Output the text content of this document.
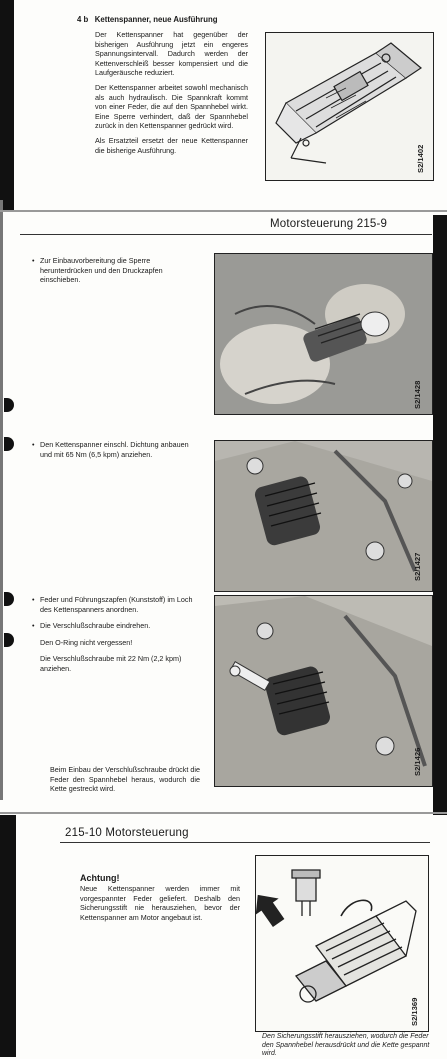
4 b Kettenspanner, neue Ausführung

Der Kettenspanner hat gegenüber der bisherigen Ausführung jetzt ein engeres Spannungsintervall. Dadurch werden der Kettenverschleiß besser kompensiert und die Laufgeräusche reduziert.

Der Kettenspanner arbeitet sowohl mechanisch als auch hydraulisch. Die Spannkraft kommt von einer Feder, die auf den Spannhebel wirkt. Eine Sperre verhindert, daß der Spannhebel zurück in den Kettenspanner gedrückt wird.

Als Ersatzteil ersetzt der neue Kettenspanner die bisherige Ausführung.	S2/1402
Motorsteuerung 215-9
• Zur Einbauvorbereitung die Sperre herunterdrücken und den Druckzapfen einschieben.
S2/1428
• Den Kettenspanner einschl. Dichtung anbauen und mit 65 Nm (6,5 kpm) anziehen.
S2/1427
• Feder und Führungszapfen (Kunststoff) im Loch des Kettenspanners anordnen.
• Die Verschlußschraube eindrehen.
Den O-Ring nicht vergessen!
Die Verschlußschraube mit 22 Nm (2,2 kpm) anziehen.
Beim Einbau der Verschlußschraube drückt die Feder den Spannhebel heraus, wodurch die Kette gestreckt wird.
S2/1426
215-10 Motorsteuerung
Achtung!
Neue Kettenspanner werden immer mit vorgespannter Feder geliefert. Deshalb den Sicherungsstift nie herausziehen, bevor der Kettenspanner am Motor angebaut ist.
S2/1369
Den Sicherungsstift herausziehen, wodurch die Feder den Spannhebel herausdrückt und die Kette gespannt wird.
